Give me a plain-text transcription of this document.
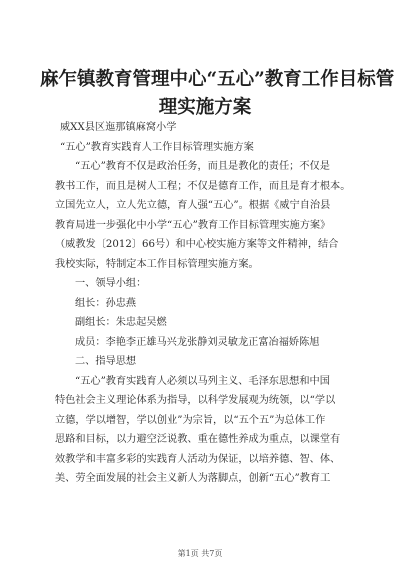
麻乍镇教育管理中心“五心”教育工作目标管
理实施方案
威XX县区迤那镇麻窝小学
“五心”教育实践育人工作目标管理实施方案
“五心”教育不仅是政治任务，而且是教化的责任；不仅是
教书工作，而且是树人工程；不仅是德育工作，而且是育才根本。
立国先立人，立人先立德，育人强“五心”。根据《威宁自治县
教育局进一步强化中小学“五心”教育工作目标管理实施方案》
（威教发〔2012〕66号）和中心校实施方案等文件精神，结合
我校实际，特制定本工作目标管理实施方案。
一、领导小组：
组长：孙忠燕
副组长：朱忠起吴燃
成员：李艳李正雄马兴龙张静刘灵敏龙正富冶福娇陈旭
二、指导思想
“五心”教育实践育人必须以马列主义、毛泽东思想和中国
特色社会主义理论体系为指导，以科学发展观为统领，以“学以
立德，学以增智，学以创业”为宗旨，以“五个五”为总体工作
思路和目标，以力避空泛说教、重在德性养成为重点，以课堂有
效教学和丰富多彩的实践育人活动为保证，以培养德、智、体、
美、劳全面发展的社会主义新人为落脚点，创新“五心”教育工
第1页 共7页
